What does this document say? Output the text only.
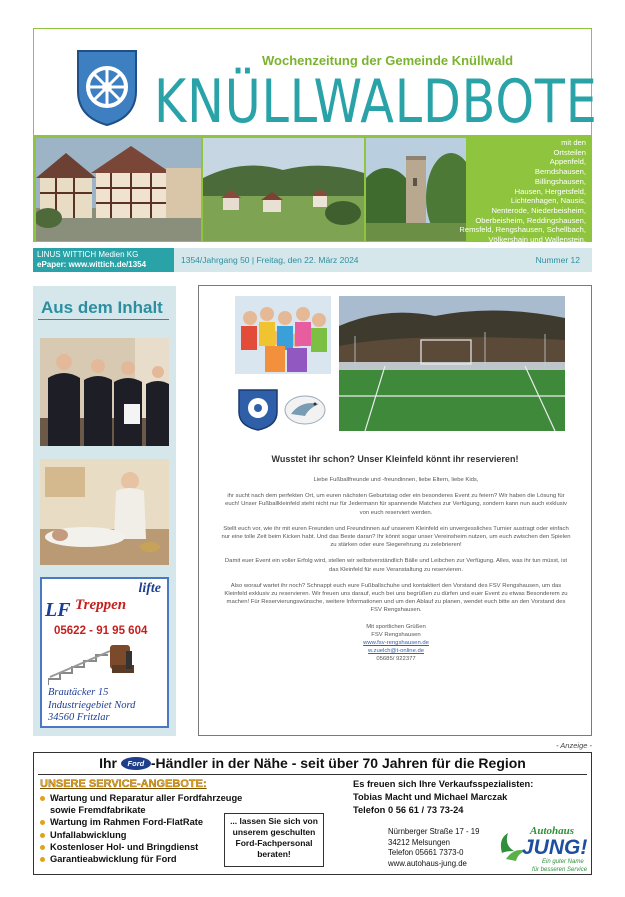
Wochenzeitung der Gemeinde Knüllwald
KNÜLLWALDBOTE
mit den
Ortsteilen
Appenfeld,
Berndshausen,
Billingshausen,
Hausen, Hergetsfeld,
Lichtenhagen, Nausis,
Nenterode, Niederbeisheim,
Oberbeisheim, Reddingshausen,
Remsfeld, Rengshausen, Schellbach,
Völkershain und Wallenstein.
LINUS WITTICH Medien KG
ePaper: www.wittich.de/1354	1354/Jahrgang 50 | Freitag, den 22. März 2024	Nummer 12
Aus dem Inhalt
lifte
LF Treppen
05622 - 91 95 604
Brautäcker 15
Industriegebiet Nord
34560 Fritzlar
Wusstet ihr schon? Unser Kleinfeld könnt ihr reservieren!

Liebe Fußballfreunde und -freundinnen, liebe Eltern, liebe Kids,

ihr sucht nach dem perfekten Ort, um euren nächsten Geburtstag oder ein besonderes Event zu feiern? Wir haben die Lösung für euch! Unser Fußballkleinfeld steht nicht nur für Jedermann für spannende Matches zur Verfügung, sondern kann nun auch exklusiv von euch reserviert werden.

Stellt euch vor, wie ihr mit euren Freunden und Freundinnen auf unserem Kleinfeld ein unvergessliches Turnier austragt oder einfach nur eine tolle Zeit beim Kicken habt. Und das Beste daran? Ihr könnt sogar unser Vereinsheim nutzen, um euch zwischen den Spielen zu stärken oder eure Siegerehrung zu zelebrieren!

Damit euer Event ein voller Erfolg wird, stellen wir selbstverständlich Bälle und Leibchen zur Verfügung. Alles, was ihr tun müsst, ist das Kleinfeld für eure Veranstaltung zu reservieren.

Also worauf wartet ihr noch? Schnappt euch eure Fußballschuhe und kontaktiert den Vorstand des FSV Rengshausen, um das Kleinfeld exklusiv zu reservieren. Wir freuen uns darauf, euch bei uns begrüßen zu dürfen und euer Event zu etwas Besonderem zu machen! Für Reservierungswünsche, weitere Informationen und um den Ablauf zu planen, wendet euch bitte an den Vorstand des FSV Rengshausen.

Mit sportlichen Grüßen
FSV Rengshausen
www.fsv-rengshausen.de
w.zuelch@t-online.de
05685/ 922377
- Anzeige -
Ihr Ford -Händler in der Nähe - seit über 70 Jahren für die Region
UNSERE SERVICE-ANGEBOTE:
Wartung und Reparatur aller Fordfahrzeuge
sowie Fremdfabrikate
Wartung im Rahmen Ford-FlatRate
Unfallabwicklung
Kostenloser Hol- und Bringdienst
Garantieabwicklung für Ford
... lassen Sie sich von
unserem geschulten
Ford-Fachpersonal
beraten!
Es freuen sich Ihre Verkaufsspezialisten:
Tobias Macht und Michael Marczak
Telefon 0 56 61 / 73 73-24
Nürnberger Straße 17 - 19
34212 Melsungen
Telefon 05661 7373-0
www.autohaus-jung.de
Autohaus
JUNG!
Ein guter Name
für besseren Service
